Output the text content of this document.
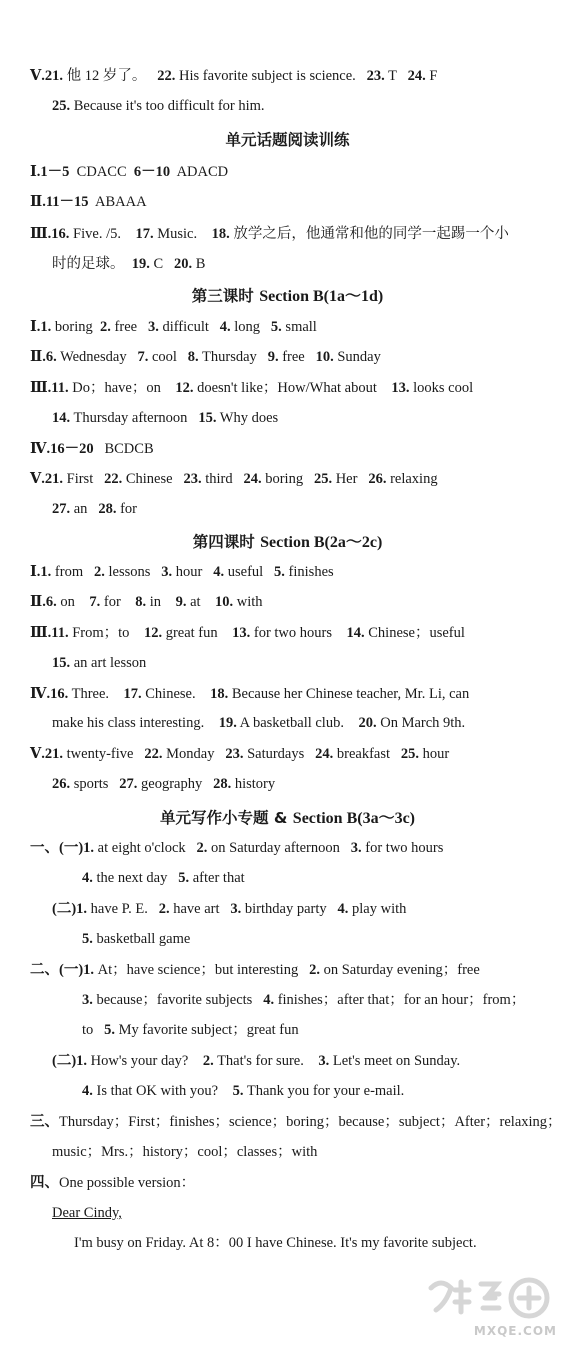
Ⅴ.21. 他 12 岁了。   22. His favorite subject is science.   23. T   24. F
25. Because it's too difficult for him.
单元话题阅读训练
Ⅰ.1－5  CDACC  6－10  ADACD
Ⅱ.11－15  ABAAA
Ⅲ.16. Five. /5.    17. Music.    18. 放学之后，他通常和他的同学一起踢一个小
时的足球。  19. C   20. B
第三课时 Section B(1a～1d)
Ⅰ.1. boring  2. free   3. difficult   4. long   5. small
Ⅱ.6. Wednesday   7. cool   8. Thursday   9. free   10. Sunday
Ⅲ.11. Do；have；on    12. doesn't like；How/What about    13. looks cool
14. Thursday afternoon   15. Why does
Ⅳ.16－20   BCDCB
Ⅴ.21. First   22. Chinese   23. third   24. boring   25. Her   26. relaxing
27. an   28. for
第四课时 Section B(2a～2c)
Ⅰ.1. from   2. lessons   3. hour   4. useful   5. finishes
Ⅱ.6. on    7. for    8. in    9. at    10. with
Ⅲ.11. From；to    12. great fun    13. for two hours    14. Chinese；useful
15. an art lesson
Ⅳ.16. Three.    17. Chinese.    18. Because her Chinese teacher, Mr. Li, can
make his class interesting.    19. A basketball club.    20. On March 9th.
Ⅴ.21. twenty-five   22. Monday   23. Saturdays   24. breakfast   25. hour
26. sports   27. geography   28. history
单元写作小专题 & Section B(3a～3c)
一、(一)1. at eight o'clock   2. on Saturday afternoon   3. for two hours
4. the next day   5. after that
(二)1. have P. E.   2. have art   3. birthday party   4. play with
5. basketball game
二、(一)1. At；have science；but interesting   2. on Saturday evening；free
3. because；favorite subjects   4. finishes；after that；for an hour；from；
to   5. My favorite subject；great fun
(二)1. How's your day?    2. That's for sure.    3. Let's meet on Sunday.
4. Is that OK with you?    5. Thank you for your e-mail.
三、Thursday；First；finishes；science；boring；because；subject；After；relaxing；
music；Mrs.；history；cool；classes；with
四、One possible version：
Dear Cindy,
I'm busy on Friday. At 8：00 I have Chinese. It's my favorite subject.
MXQE.COM
